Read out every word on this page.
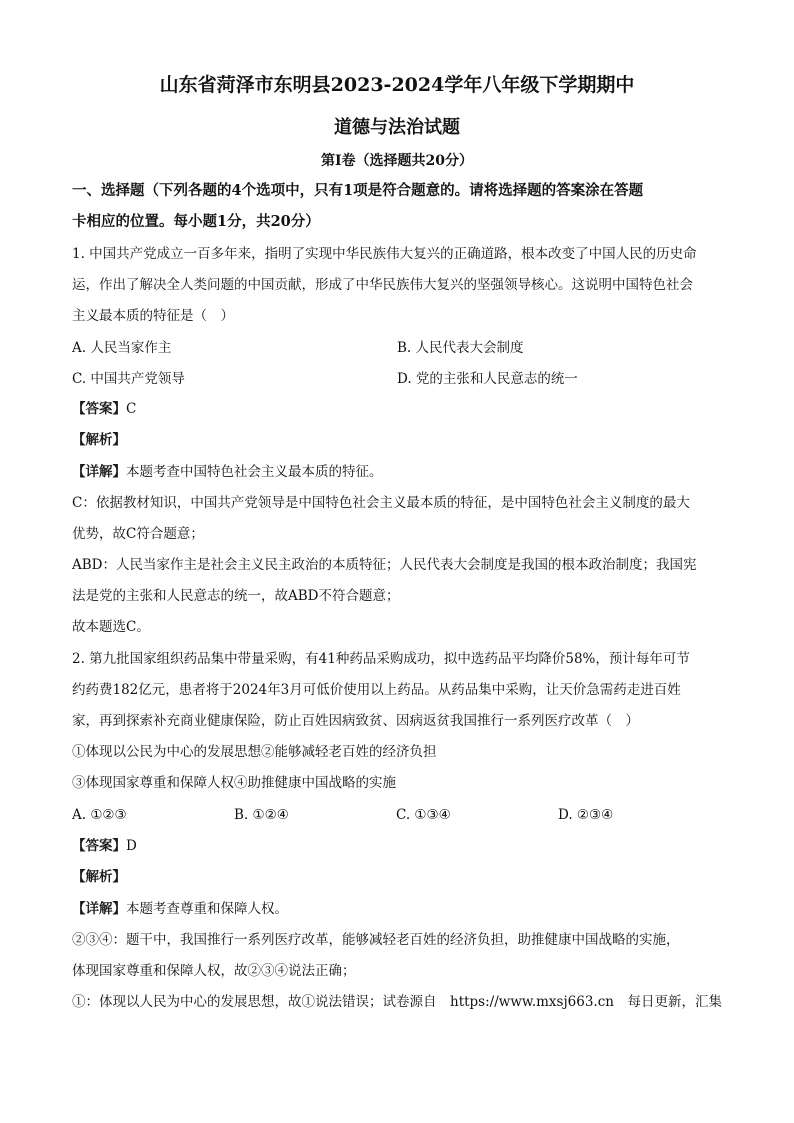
山东省菏泽市东明县2023-2024学年八年级下学期期中
道德与法治试题
第Ⅰ卷（选择题共20分）
一、选择题（下列各题的4个选项中，只有1项是符合题意的。请将选择题的答案涂在答题
卡相应的位置。每小题1分，共20分）
1. 中国共产党成立一百多年来，指明了实现中华民族伟大复兴的正确道路，根本改变了中国人民的历史命
运，作出了解决全人类问题的中国贡献，形成了中华民族伟大复兴的坚强领导核心。这说明中国特色社会
主义最本质的特征是（　）
A. 人民当家作主	B. 人民代表大会制度
C. 中国共产党领导	D. 党的主张和人民意志的统一
【答案】C
【解析】
【详解】本题考查中国特色社会主义最本质的特征。
C：依据教材知识，中国共产党领导是中国特色社会主义最本质的特征，是中国特色社会主义制度的最大
优势，故C符合题意；
ABD：人民当家作主是社会主义民主政治的本质特征；人民代表大会制度是我国的根本政治制度；我国宪
法是党的主张和人民意志的统一，故ABD不符合题意；
故本题选C。
2. 第九批国家组织药品集中带量采购，有41种药品采购成功，拟中选药品平均降价58%，预计每年可节
约药费182亿元，患者将于2024年3月可低价使用以上药品。从药品集中采购，让天价急需药走进百姓
家，再到探索补充商业健康保险，防止百姓因病致贫、因病返贫我国推行一系列医疗改革（　）
①体现以公民为中心的发展思想②能够减轻老百姓的经济负担
③体现国家尊重和保障人权④助推健康中国战略的实施
A. ①②③	B. ①②④	C. ①③④	D. ②③④
【答案】D
【解析】
【详解】本题考查尊重和保障人权。
②③④：题干中，我国推行一系列医疗改革，能够减轻老百姓的经济负担，助推健康中国战略的实施，
体现国家尊重和保障人权，故②③④说法正确；
①：体现以人民为中心的发展思想，故①说法错误；试卷源自　https://www.mxsj663.cn　每日更新，汇集
